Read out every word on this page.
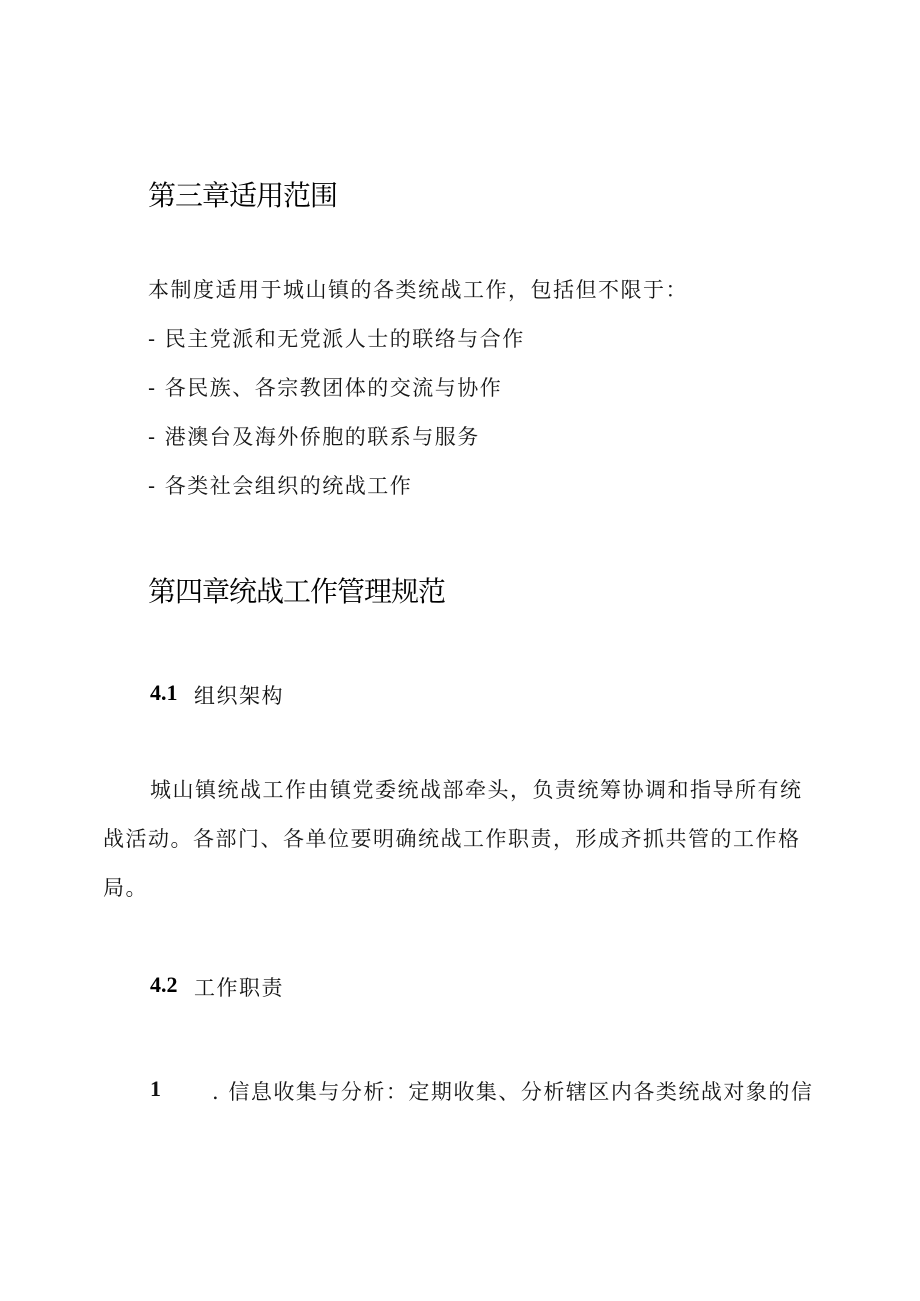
第三章适用范围
本制度适用于城山镇的各类统战工作，包括但不限于：
- 民主党派和无党派人士的联络与合作
- 各民族、各宗教团体的交流与协作
- 港澳台及海外侨胞的联系与服务
- 各类社会组织的统战工作
第四章统战工作管理规范
4.1 组织架构
城山镇统战工作由镇党委统战部牵头，负责统筹协调和指导所有统
战活动。各部门、各单位要明确统战工作职责，形成齐抓共管的工作格
局。
4.2 工作职责
1 . 信息收集与分析：定期收集、分析辖区内各类统战对象的信
